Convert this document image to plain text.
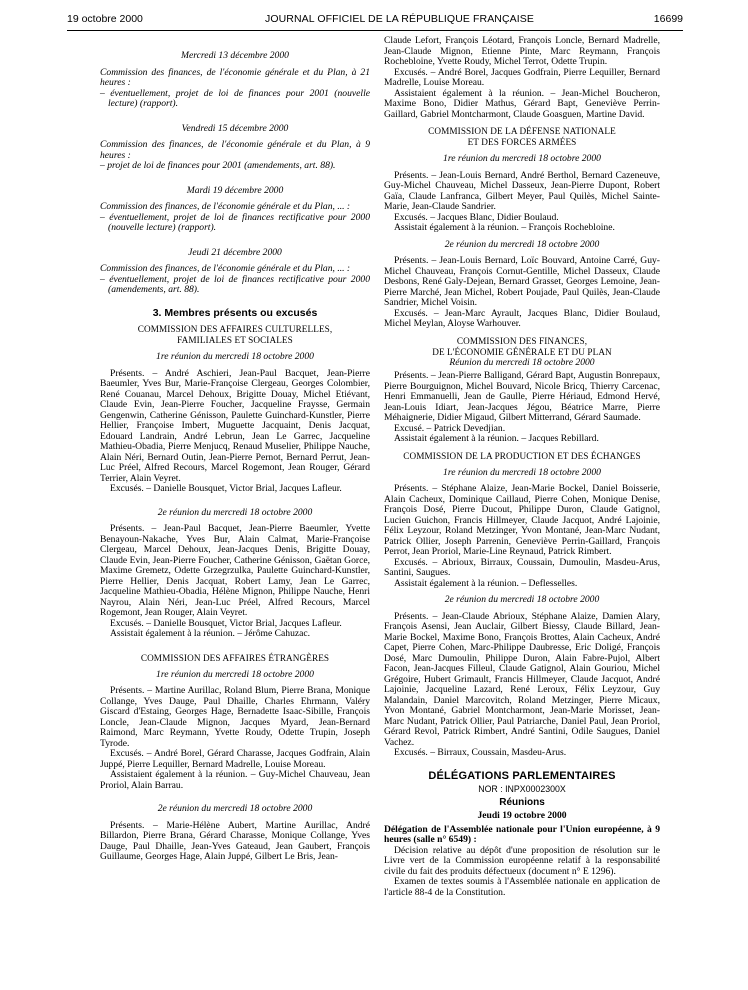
19 octobre 2000	JOURNAL OFFICIEL DE LA RÉPUBLIQUE FRANÇAISE	16699

Mercredi 13 décembre 2000

Commission des finances, de l'économie générale et du Plan, à 21 heures :

– éventuellement, projet de loi de finances pour 2001 (nouvelle lecture) (rapport).

Vendredi 15 décembre 2000

Commission des finances, de l'économie générale et du Plan, à 9 heures :

– projet de loi de finances pour 2001 (amendements, art. 88).

Mardi 19 décembre 2000

Commission des finances, de l'économie générale et du Plan, ... :

– éventuellement, projet de loi de finances rectificative pour 2000 (nouvelle lecture) (rapport).

Jeudi 21 décembre 2000

Commission des finances, de l'économie générale et du Plan, ... :

– éventuellement, projet de loi de finances rectificative pour 2000 (amendements, art. 88).

3. Membres présents ou excusés

COMMISSION DES AFFAIRES CULTURELLES,

FAMILIALES ET SOCIALES

1re réunion du mercredi 18 octobre 2000

Présents. – André Aschieri, Jean-Paul Bacquet, Jean-Pierre Baeumler, Yves Bur, Marie-Françoise Clergeau, Georges Colombier, René Couanau, Marcel Dehoux, Brigitte Douay, Michel Etiévant, Claude Evin, Jean-Pierre Foucher, Jacqueline Fraysse, Germain Gengenwin, Catherine Génisson, Paulette Guinchard-Kunstler, Pierre Hellier, Françoise Imbert, Muguette Jacquaint, Denis Jacquat, Edouard Landrain, André Lebrun, Jean Le Garrec, Jacqueline Mathieu-Obadia, Pierre Menjucq, Renaud Muselier, Philippe Nauche, Alain Néri, Bernard Outin, Jean-Pierre Pernot, Bernard Perrut, Jean-Luc Préel, Alfred Recours, Marcel Rogemont, Jean Rouger, Gérard Terrier, Alain Veyret.

Excusés. – Danielle Bousquet, Victor Brial, Jacques Lafleur.

2e réunion du mercredi 18 octobre 2000

Présents. – Jean-Paul Bacquet, Jean-Pierre Baeumler, Yvette Benayoun-Nakache, Yves Bur, Alain Calmat, Marie-Françoise Clergeau, Marcel Dehoux, Jean-Jacques Denis, Brigitte Douay, Claude Evin, Jean-Pierre Foucher, Catherine Génisson, Gaëtan Gorce, Maxime Gremetz, Odette Grzegrzulka, Paulette Guinchard-Kunstler, Pierre Hellier, Denis Jacquat, Robert Lamy, Jean Le Garrec, Jacqueline Mathieu-Obadia, Hélène Mignon, Philippe Nauche, Henri Nayrou, Alain Néri, Jean-Luc Préel, Alfred Recours, Marcel Rogemont, Jean Rouger, Alain Veyret.

Excusés. – Danielle Bousquet, Victor Brial, Jacques Lafleur.

Assistait également à la réunion. – Jérôme Cahuzac.

COMMISSION DES AFFAIRES ÉTRANGÈRES

1re réunion du mercredi 18 octobre 2000

Présents. – Martine Aurillac, Roland Blum, Pierre Brana, Monique Collange, Yves Dauge, Paul Dhaille, Charles Ehrmann, Valéry Giscard d'Estaing, Georges Hage, Bernadette Isaac-Sibille, François Loncle, Jean-Claude Mignon, Jacques Myard, Jean-Bernard Raimond, Marc Reymann, Yvette Roudy, Odette Trupin, Joseph Tyrode.

Excusés. – André Borel, Gérard Charasse, Jacques Godfrain, Alain Juppé, Pierre Lequiller, Bernard Madrelle, Louise Moreau.

Assistaient également à la réunion. – Guy-Michel Chauveau, Jean Proriol, Alain Barrau.

2e réunion du mercredi 18 octobre 2000

Présents. – Marie-Hélène Aubert, Martine Aurillac, André Billardon, Pierre Brana, Gérard Charasse, Monique Collange, Yves Dauge, Paul Dhaille, Jean-Yves Gateaud, Jean Gaubert, François Guillaume, Georges Hage, Alain Juppé, Gilbert Le Bris, Jean-

Claude Lefort, François Léotard, François Loncle, Bernard Madrelle, Jean-Claude Mignon, Etienne Pinte, Marc Reymann, François Rochebloine, Yvette Roudy, Michel Terrot, Odette Trupin.

Excusés. – André Borel, Jacques Godfrain, Pierre Lequiller, Bernard Madrelle, Louise Moreau.

Assistaient également à la réunion. – Jean-Michel Boucheron, Maxime Bono, Didier Mathus, Gérard Bapt, Geneviève Perrin-Gaillard, Gabriel Montcharmont, Claude Goasguen, Martine David.

COMMISSION DE LA DÉFENSE NATIONALE

ET DES FORCES ARMÉES

1re réunion du mercredi 18 octobre 2000

Présents. – Jean-Louis Bernard, André Berthol, Bernard Cazeneuve, Guy-Michel Chauveau, Michel Dasseux, Jean-Pierre Dupont, Robert Gaïa, Claude Lanfranca, Gilbert Meyer, Paul Quilès, Michel Sainte-Marie, Jean-Claude Sandrier.

Excusés. – Jacques Blanc, Didier Boulaud.

Assistait également à la réunion. – François Rochebloine.

2e réunion du mercredi 18 octobre 2000

Présents. – Jean-Louis Bernard, Loïc Bouvard, Antoine Carré, Guy-Michel Chauveau, François Cornut-Gentille, Michel Dasseux, Claude Desbons, René Galy-Dejean, Bernard Grasset, Georges Lemoine, Jean-Pierre Marché, Jean Michel, Robert Poujade, Paul Quilès, Jean-Claude Sandrier, Michel Voisin.

Excusés. – Jean-Marc Ayrault, Jacques Blanc, Didier Boulaud, Michel Meylan, Aloyse Warhouver.

COMMISSION DES FINANCES,

DE L'ÉCONOMIE GÉNÉRALE ET DU PLAN

Réunion du mercredi 18 octobre 2000

Présents. – Jean-Pierre Balligand, Gérard Bapt, Augustin Bonrepaux, Pierre Bourguignon, Michel Bouvard, Nicole Bricq, Thierry Carcenac, Henri Emmanuelli, Jean de Gaulle, Pierre Hériaud, Edmond Hervé, Jean-Louis Idiart, Jean-Jacques Jégou, Béatrice Marre, Pierre Méhaignerie, Didier Migaud, Gilbert Mitterrand, Gérard Saumade.

Excusé. – Patrick Devedjian.

Assistait également à la réunion. – Jacques Rebillard.

COMMISSION DE LA PRODUCTION ET DES ÉCHANGES

1re réunion du mercredi 18 octobre 2000

Présents. – Stéphane Alaize, Jean-Marie Bockel, Daniel Boisserie, Alain Cacheux, Dominique Caillaud, Pierre Cohen, Monique Denise, François Dosé, Pierre Ducout, Philippe Duron, Claude Gatignol, Lucien Guichon, Francis Hillmeyer, Claude Jacquot, André Lajoinie, Félix Leyzour, Roland Metzinger, Yvon Montané, Jean-Marc Nudant, Patrick Ollier, Joseph Parrenin, Geneviève Perrin-Gaillard, François Perrot, Jean Proriol, Marie-Line Reynaud, Patrick Rimbert.

Excusés. – Abrioux, Birraux, Coussain, Dumoulin, Masdeu-Arus, Santini, Saugues.

Assistait également à la réunion. – Deflesselles.

2e réunion du mercredi 18 octobre 2000

Présents. – Jean-Claude Abrioux, Stéphane Alaize, Damien Alary, François Asensi, Jean Auclair, Gilbert Biessy, Claude Billard, Jean-Marie Bockel, Maxime Bono, François Brottes, Alain Cacheux, André Capet, Pierre Cohen, Marc-Philippe Daubresse, Eric Doligé, François Dosé, Marc Dumoulin, Philippe Duron, Alain Fabre-Pujol, Albert Facon, Jean-Jacques Filleul, Claude Gatignol, Alain Gouriou, Michel Grégoire, Hubert Grimault, Francis Hillmeyer, Claude Jacquot, André Lajoinie, Jacqueline Lazard, René Leroux, Félix Leyzour, Guy Malandain, Daniel Marcovitch, Roland Metzinger, Pierre Micaux, Yvon Montané, Gabriel Montcharmont, Jean-Marie Morisset, Jean-Marc Nudant, Patrick Ollier, Paul Patriarche, Daniel Paul, Jean Proriol, Gérard Revol, Patrick Rimbert, André Santini, Odile Saugues, Daniel Vachez.

Excusés. – Birraux, Coussain, Masdeu-Arus.

DÉLÉGATIONS PARLEMENTAIRES

NOR : INPX0002300X

Réunions

Jeudi 19 octobre 2000

Délégation de l'Assemblée nationale pour l'Union européenne, à 9 heures (salle n° 6549) :

Décision relative au dépôt d'une proposition de résolution sur le Livre vert de la Commission européenne relatif à la responsabilité civile du fait des produits défectueux (document n° E 1296).

Examen de textes soumis à l'Assemblée nationale en application de l'article 88-4 de la Constitution.
